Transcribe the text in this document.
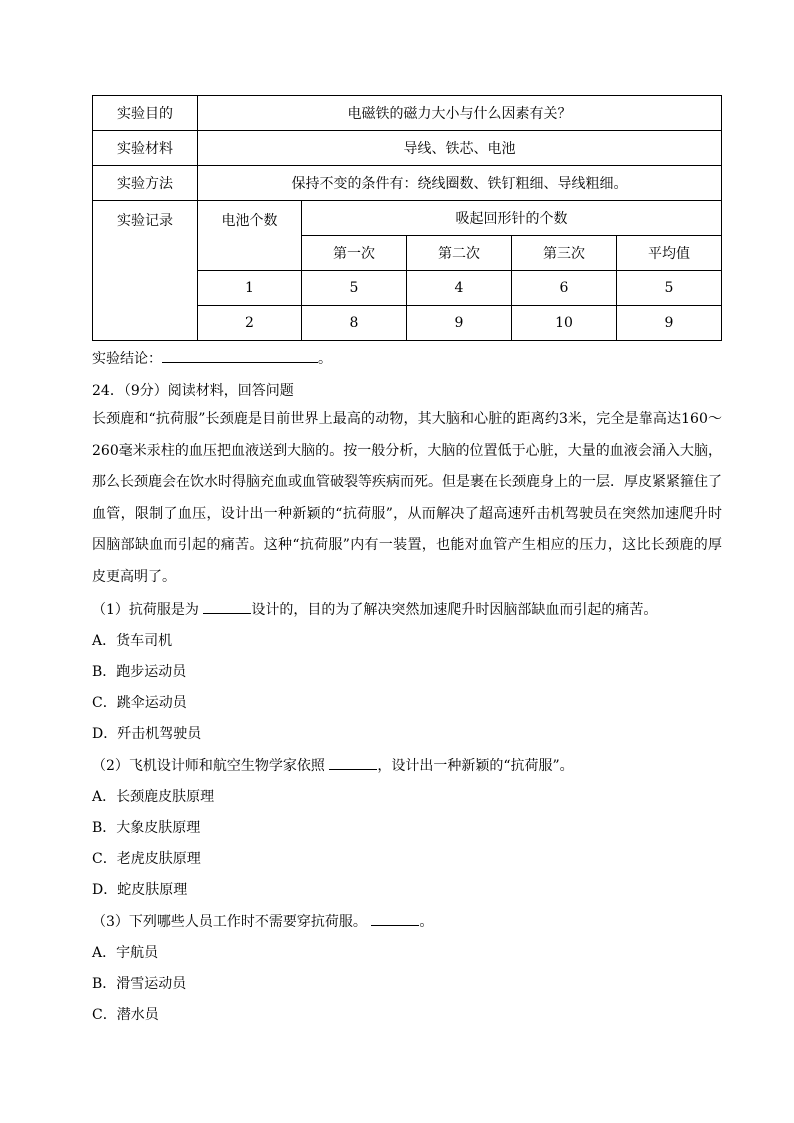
实验目的	电磁铁的磁力大小与什么因素有关？				
实验材料	导线、铁芯、电池				
实验方法	保持不变的条件有：绕线圈数、铁钉粗细、导线粗细。				
实验记录	电池个数	吸起回形针的个数			
		第一次	第二次	第三次	平均值
	1	5	4	6	5
	2	8	9	10	9
实验结论：	。
24．（9分）阅读材料，回答问题
长颈鹿和“抗荷服”长颈鹿是目前世界上最高的动物，其大脑和心脏的距离约3米，完全是靠高达160～260毫米汞柱的血压把血液送到大脑的。按一般分析，大脑的位置低于心脏，大量的血液会涌入大脑，那么长颈鹿会在饮水时得脑充血或血管破裂等疾病而死。但是裹在长颈鹿身上的一层．厚皮紧紧箍住了血管，限制了血压，设计出一种新颖的“抗荷服”，从而解决了超高速歼击机驾驶员在突然加速爬升时因脑部缺血而引起的痛苦。这种“抗荷服”内有一装置，也能对血管产生相应的压力，这比长颈鹿的厚皮更高明了。
（1）抗荷服是为	设计的，目的为了解决突然加速爬升时因脑部缺血而引起的痛苦。
A．货车司机
B．跑步运动员
C．跳伞运动员
D．歼击机驾驶员
（2）飞机设计师和航空生物学家依照	，设计出一种新颖的“抗荷服”。
A．长颈鹿皮肤原理
B．大象皮肤原理
C．老虎皮肤原理
D．蛇皮肤原理
（3）下列哪些人员工作时不需要穿抗荷服。	。
A．宇航员
B．滑雪运动员
C．潜水员
